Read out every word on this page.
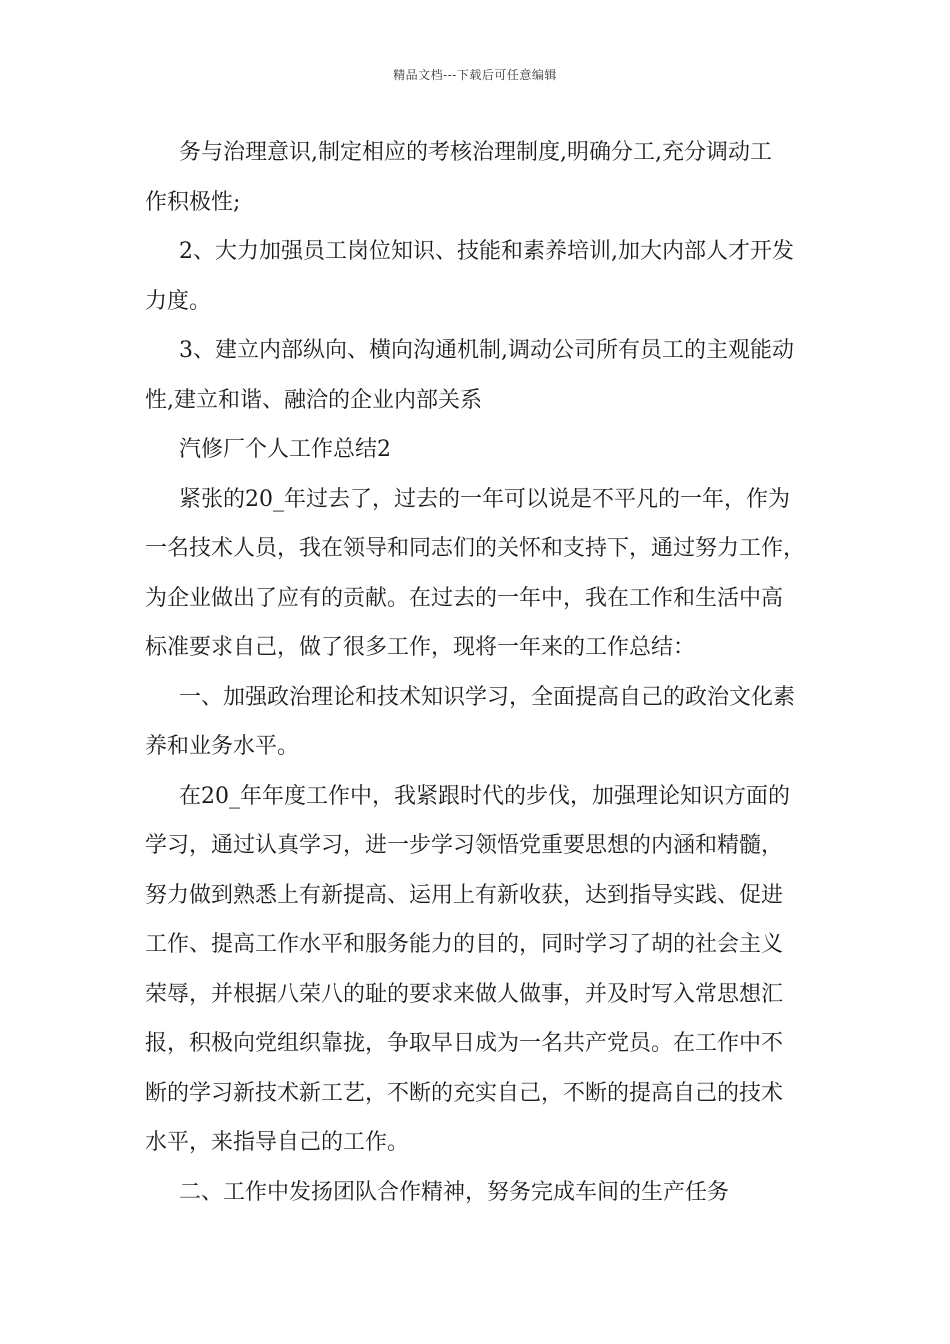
精品文档---下载后可任意编辑
务与治理意识,制定相应的考核治理制度,明确分工,充分调动工
作积极性;
2、大力加强员工岗位知识、技能和素养培训,加大内部人才开发
力度。
3、建立内部纵向、横向沟通机制,调动公司所有员工的主观能动
性,建立和谐、融洽的企业内部关系
汽修厂个人工作总结2
紧张的20_年过去了，过去的一年可以说是不平凡的一年，作为
一名技术人员，我在领导和同志们的关怀和支持下，通过努力工作，
为企业做出了应有的贡献。在过去的一年中，我在工作和生活中高
标准要求自己，做了很多工作，现将一年来的工作总结：
一、加强政治理论和技术知识学习，全面提高自己的政治文化素
养和业务水平。
在20_年年度工作中，我紧跟时代的步伐，加强理论知识方面的
学习，通过认真学习，进一步学习领悟党重要思想的内涵和精髓，
努力做到熟悉上有新提高、运用上有新收获，达到指导实践、促进
工作、提高工作水平和服务能力的目的，同时学习了胡的社会主义
荣辱，并根据八荣八的耻的要求来做人做事，并及时写入常思想汇
报，积极向党组织靠拢，争取早日成为一名共产党员。在工作中不
断的学习新技术新工艺，不断的充实自己，不断的提高自己的技术
水平，来指导自己的工作。
二、工作中发扬团队合作精神，努务完成车间的生产任务
